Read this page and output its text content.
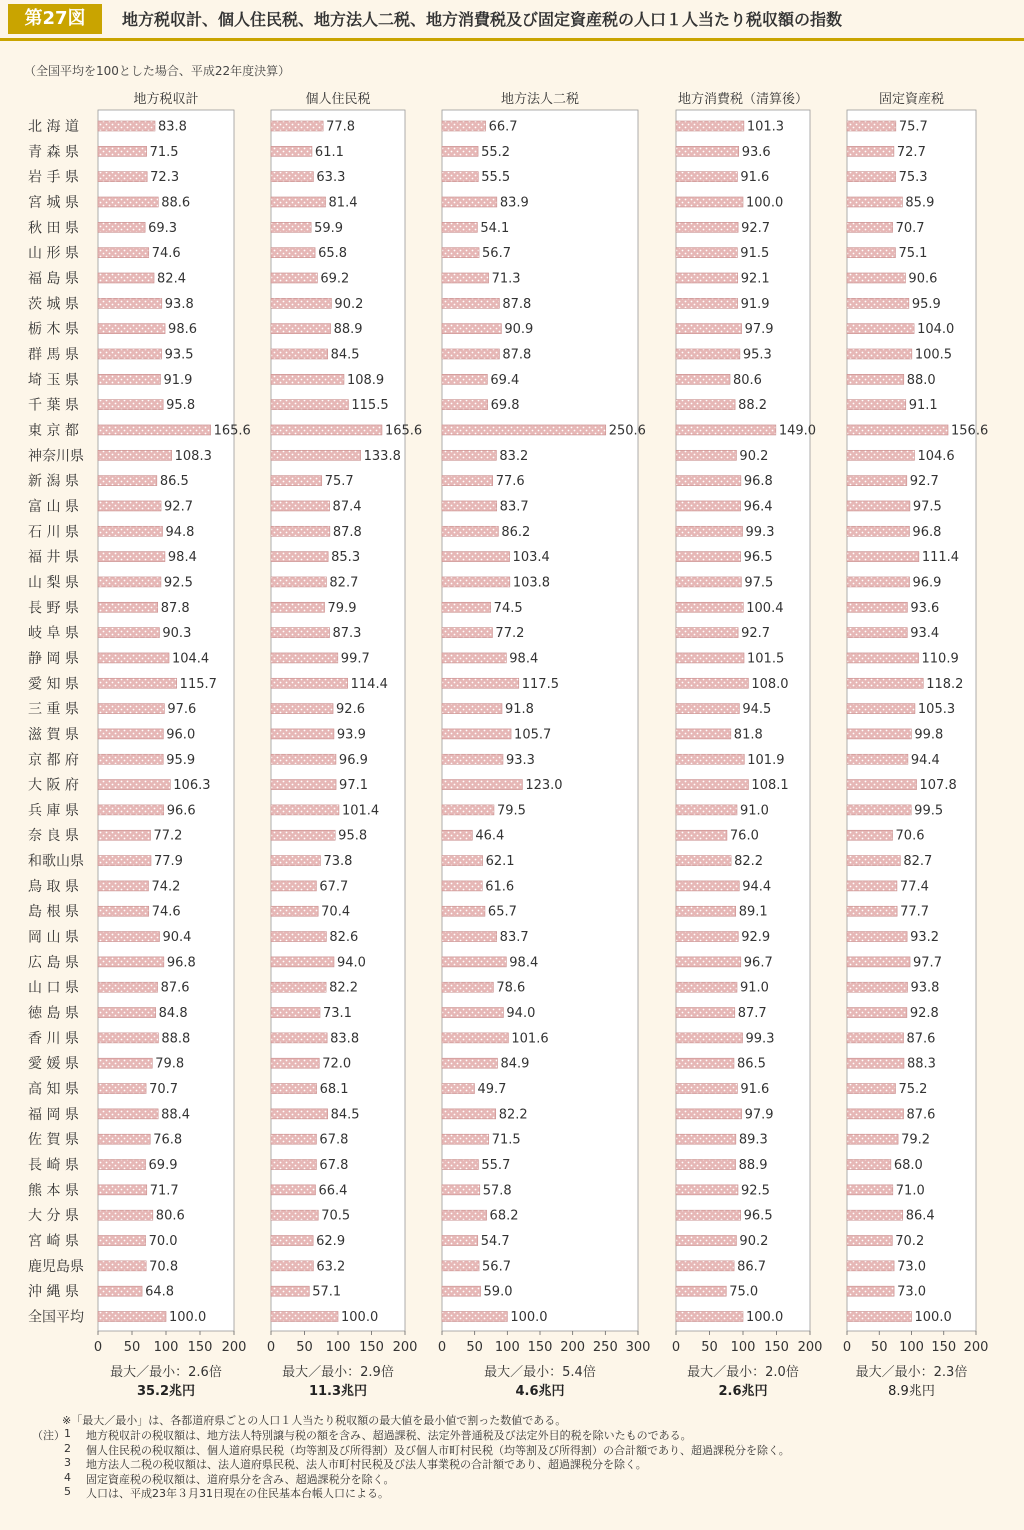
第27図	地方税収計、個人住民税、地方法人二税、地方消費税及び固定資産税の人口１人当たり税収額の指数
（全国平均を100とした場合、平成22年度決算）
北 海 道
青 森 県
岩 手 県
宮 城 県
秋 田 県
山 形 県
福 島 県
茨 城 県
栃 木 県
群 馬 県
埼 玉 県
千 葉 県
東 京 都
神奈川県
新 潟 県
富 山 県
石 川 県
福 井 県
山 梨 県
長 野 県
岐 阜 県
静 岡 県
愛 知 県
三 重 県
滋 賀 県
京 都 府
大 阪 府
兵 庫 県
奈 良 県
和歌山県
鳥 取 県
島 根 県
岡 山 県
広 島 県
山 口 県
徳 島 県
香 川 県
愛 媛 県
高 知 県
福 岡 県
佐 賀 県
長 崎 県
熊 本 県
大 分 県
宮 崎 県
鹿児島県
沖 縄 県
全国平均
地方税収計
83.8
71.5
72.3
88.6
69.3
74.6
82.4
93.8
98.6
93.5
91.9
95.8
165.6
108.3
86.5
92.7
94.8
98.4
92.5
87.8
90.3
104.4
115.7
97.6
96.0
95.9
106.3
96.6
77.2
77.9
74.2
74.6
90.4
96.8
87.6
84.8
88.8
79.8
70.7
88.4
76.8
69.9
71.7
80.6
70.0
70.8
64.8
100.0
0 50 100 150 200
最大／最小：2.6倍
35.2兆円
個人住民税
77.8
61.1
63.3
81.4
59.9
65.8
69.2
90.2
88.9
84.5
108.9
115.5
165.6
133.8
75.7
87.4
87.8
85.3
82.7
79.9
87.3
99.7
114.4
92.6
93.9
96.9
97.1
101.4
95.8
73.8
67.7
70.4
82.6
94.0
82.2
73.1
83.8
72.0
68.1
84.5
67.8
67.8
66.4
70.5
62.9
63.2
57.1
100.0
0 50 100 150 200
最大／最小：2.9倍
11.3兆円
地方法人二税
66.7
55.2
55.5
83.9
54.1
56.7
71.3
87.8
90.9
87.8
69.4
69.8
250.6
83.2
77.6
83.7
86.2
103.4
103.8
74.5
77.2
98.4
117.5
91.8
105.7
93.3
123.0
79.5
46.4
62.1
61.6
65.7
83.7
98.4
78.6
94.0
101.6
84.9
49.7
82.2
71.5
55.7
57.8
68.2
54.7
56.7
59.0
100.0
0 50 100 150 200 250 300
最大／最小：5.4倍
4.6兆円
地方消費税（清算後）
101.3
93.6
91.6
100.0
92.7
91.5
92.1
91.9
97.9
95.3
80.6
88.2
149.0
90.2
96.8
96.4
99.3
96.5
97.5
100.4
92.7
101.5
108.0
94.5
81.8
101.9
108.1
91.0
76.0
82.2
94.4
89.1
92.9
96.7
91.0
87.7
99.3
86.5
91.6
97.9
89.3
88.9
92.5
96.5
90.2
86.7
75.0
100.0
0 50 100 150 200
最大／最小：2.0倍
2.6兆円
固定資産税
75.7
72.7
75.3
85.9
70.7
75.1
90.6
95.9
104.0
100.5
88.0
91.1
156.6
104.6
92.7
97.5
96.8
111.4
96.9
93.6
93.4
110.9
118.2
105.3
99.8
94.4
107.8
99.5
70.6
82.7
77.4
77.7
93.2
97.7
93.8
92.8
87.6
88.3
75.2
87.6
79.2
68.0
71.0
86.4
70.2
73.0
73.0
100.0
0 50 100 150 200
最大／最小：2.3倍
8.9兆円
※「最大／最小」は、各都道府県ごとの人口１人当たり税収額の最大値を最小値で割った数値である。
（注） 1 地方税収計の税収額は、地方法人特別譲与税の額を含み、超過課税、法定外普通税及び法定外目的税を除いたものである。
2 個人住民税の税収額は、個人道府県民税（均等割及び所得割）及び個人市町村民税（均等割及び所得割）の合計額であり、超過課税分を除く。
3 地方法人二税の税収額は、法人道府県民税、法人市町村民税及び法人事業税の合計額であり、超過課税分を除く。
4 固定資産税の税収額は、道府県分を含み、超過課税分を除く。
5 人口は、平成23年３月31日現在の住民基本台帳人口による。
